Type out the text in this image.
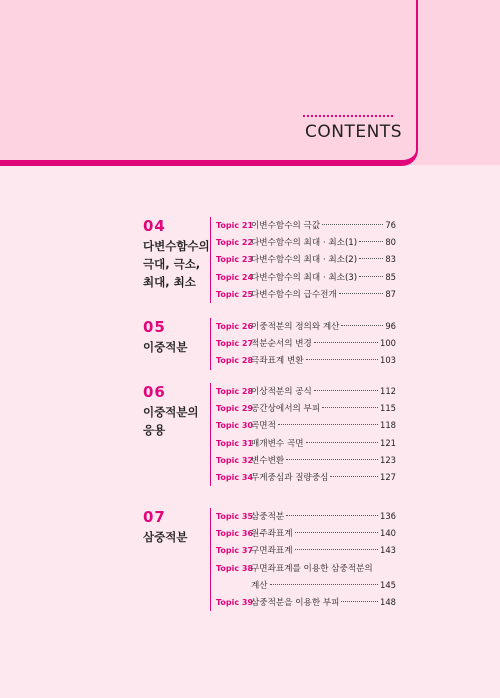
CONTENTS
04
다변수함수의
극대, 극소,
최대, 최소
Topic 21
이변수함수의 극값	76
Topic 22
다변수함수의 최대 · 최소(1)	80
Topic 23
다변수함수의 최대 · 최소(2)	83
Topic 24
다변수함수의 최대 · 최소(3)	85
Topic 25
다변수함수의 급수전개	87
05
이중적분
Topic 26
이중적분의 정의와 계산	96
Topic 27
적분순서의 변경	100
Topic 28
극좌표계 변환	103
06
이중적분의
응용
Topic 28
이상적분의 공식	112
Topic 29
공간상에서의 부피	115
Topic 30
곡면적	118
Topic 31
매개변수 곡면	121
Topic 32
변수변환	123
Topic 34
무게중심과 질량중심	127
07
삼중적분
Topic 35
삼중적분	136
Topic 36
원주좌표계	140
Topic 37
구면좌표계	143
Topic 38
구면좌표계를 이용한 삼중적분의
계산	145
Topic 39
삼중적분을 이용한 부피	148
